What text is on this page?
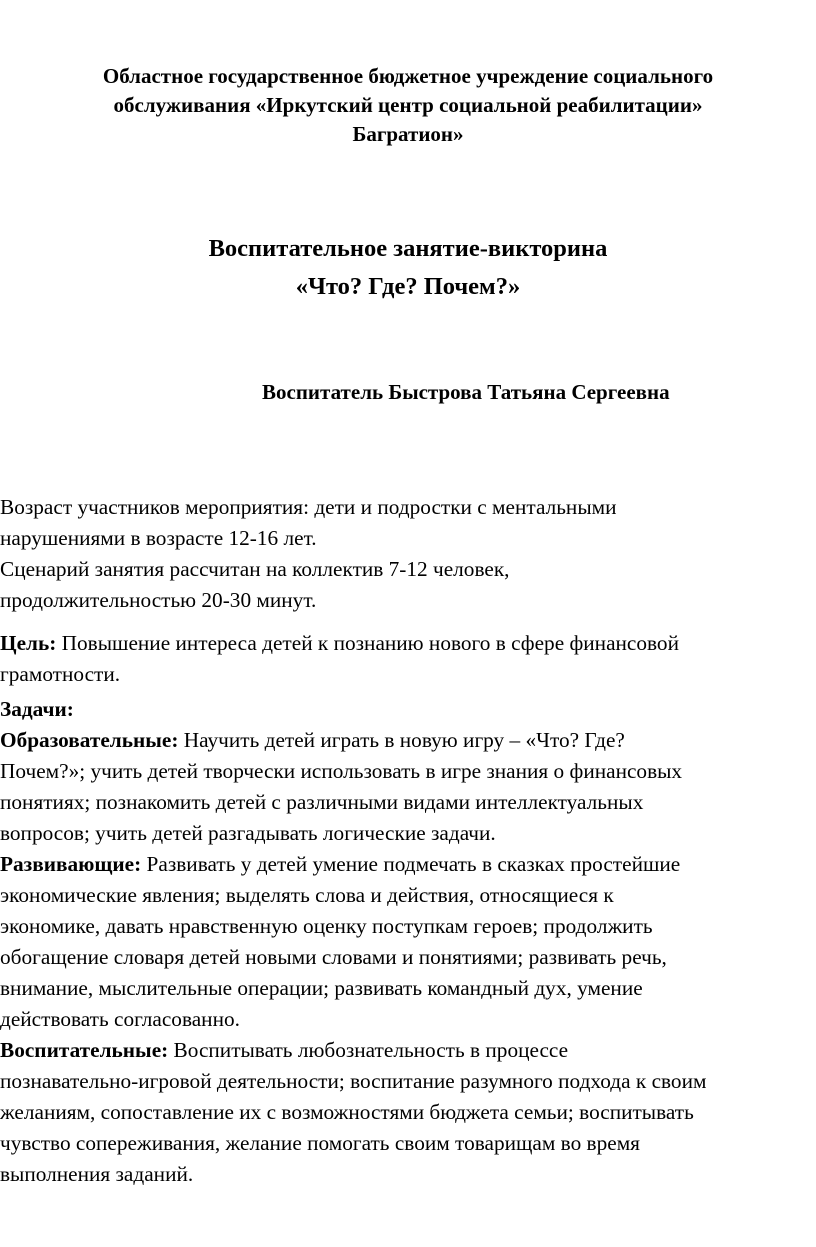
Областное государственное бюджетное учреждение социального
обслуживания «Иркутский центр социальной реабилитации»
Багратион»
Воспитательное занятие-викторина
«Что? Где? Почем?»
Воспитатель Быстрова Татьяна Сергеевна
Возраст участников мероприятия: дети и подростки с ментальными
нарушениями в возрасте 12-16 лет.
Сценарий занятия рассчитан на коллектив 7-12 человек,
продолжительностью 20-30 минут.
Цель: Повышение интереса детей к познанию нового в сфере финансовой
грамотности.
Задачи:
Образовательные: Научить детей играть в новую игру – «Что? Где?
Почем?»; учить детей творчески использовать в игре знания о финансовых
понятиях; познакомить детей с различными видами интеллектуальных
вопросов; учить детей разгадывать логические задачи.
Развивающие: Развивать у детей умение подмечать в сказках простейшие
экономические явления; выделять слова и действия, относящиеся к
экономике, давать нравственную оценку поступкам героев; продолжить
обогащение словаря детей новыми словами и понятиями; развивать речь,
внимание, мыслительные операции; развивать командный дух, умение
действовать согласованно.
Воспитательные: Воспитывать любознательность в процессе
познавательно-игровой деятельности; воспитание разумного подхода к своим
желаниям, сопоставление их с возможностями бюджета семьи; воспитывать
чувство сопереживания, желание помогать своим товарищам во время
выполнения заданий.
